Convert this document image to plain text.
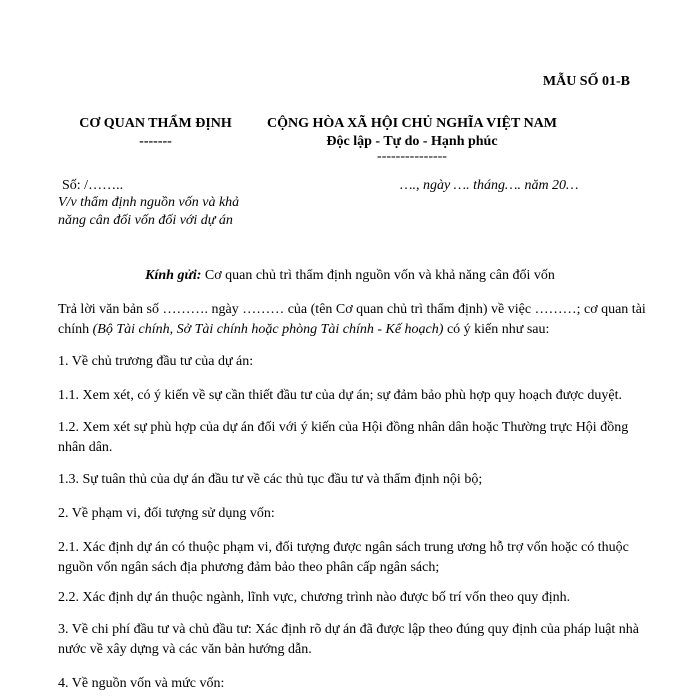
MẪU SỐ 01-B
CƠ QUAN THẨM ĐỊNH
-------
CỘNG HÒA XÃ HỘI CHỦ NGHĨA VIỆT NAM
Độc lập - Tự do - Hạnh phúc
---------------
Số: /……..	…., ngày …. tháng…. năm 20…
V/v thẩm định nguồn vốn và khả năng cân đối vốn đối với dự án
Kính gửi: Cơ quan chủ trì thẩm định nguồn vốn và khả năng cân đối vốn
Trả lời văn bản số ………. ngày ……… của (tên Cơ quan chủ trì thẩm định) về việc ………; cơ quan tài chính (Bộ Tài chính, Sở Tài chính hoặc phòng Tài chính - Kế hoạch) có ý kiến như sau:
1. Về chủ trương đầu tư của dự án:
1.1. Xem xét, có ý kiến về sự cần thiết đầu tư của dự án; sự đảm bảo phù hợp quy hoạch được duyệt.
1.2. Xem xét sự phù hợp của dự án đối với ý kiến của Hội đồng nhân dân hoặc Thường trực Hội đồng nhân dân.
1.3. Sự tuân thủ của dự án đầu tư về các thủ tục đầu tư và thẩm định nội bộ;
2. Về phạm vi, đối tượng sử dụng vốn:
2.1. Xác định dự án có thuộc phạm vi, đối tượng được ngân sách trung ương hỗ trợ vốn hoặc có thuộc nguồn vốn ngân sách địa phương đảm bảo theo phân cấp ngân sách;
2.2. Xác định dự án thuộc ngành, lĩnh vực, chương trình nào được bố trí vốn theo quy định.
3. Về chi phí đầu tư và chủ đầu tư: Xác định rõ dự án đã được lập theo đúng quy định của pháp luật nhà nước về xây dựng và các văn bản hướng dẫn.
4. Về nguồn vốn và mức vốn:
